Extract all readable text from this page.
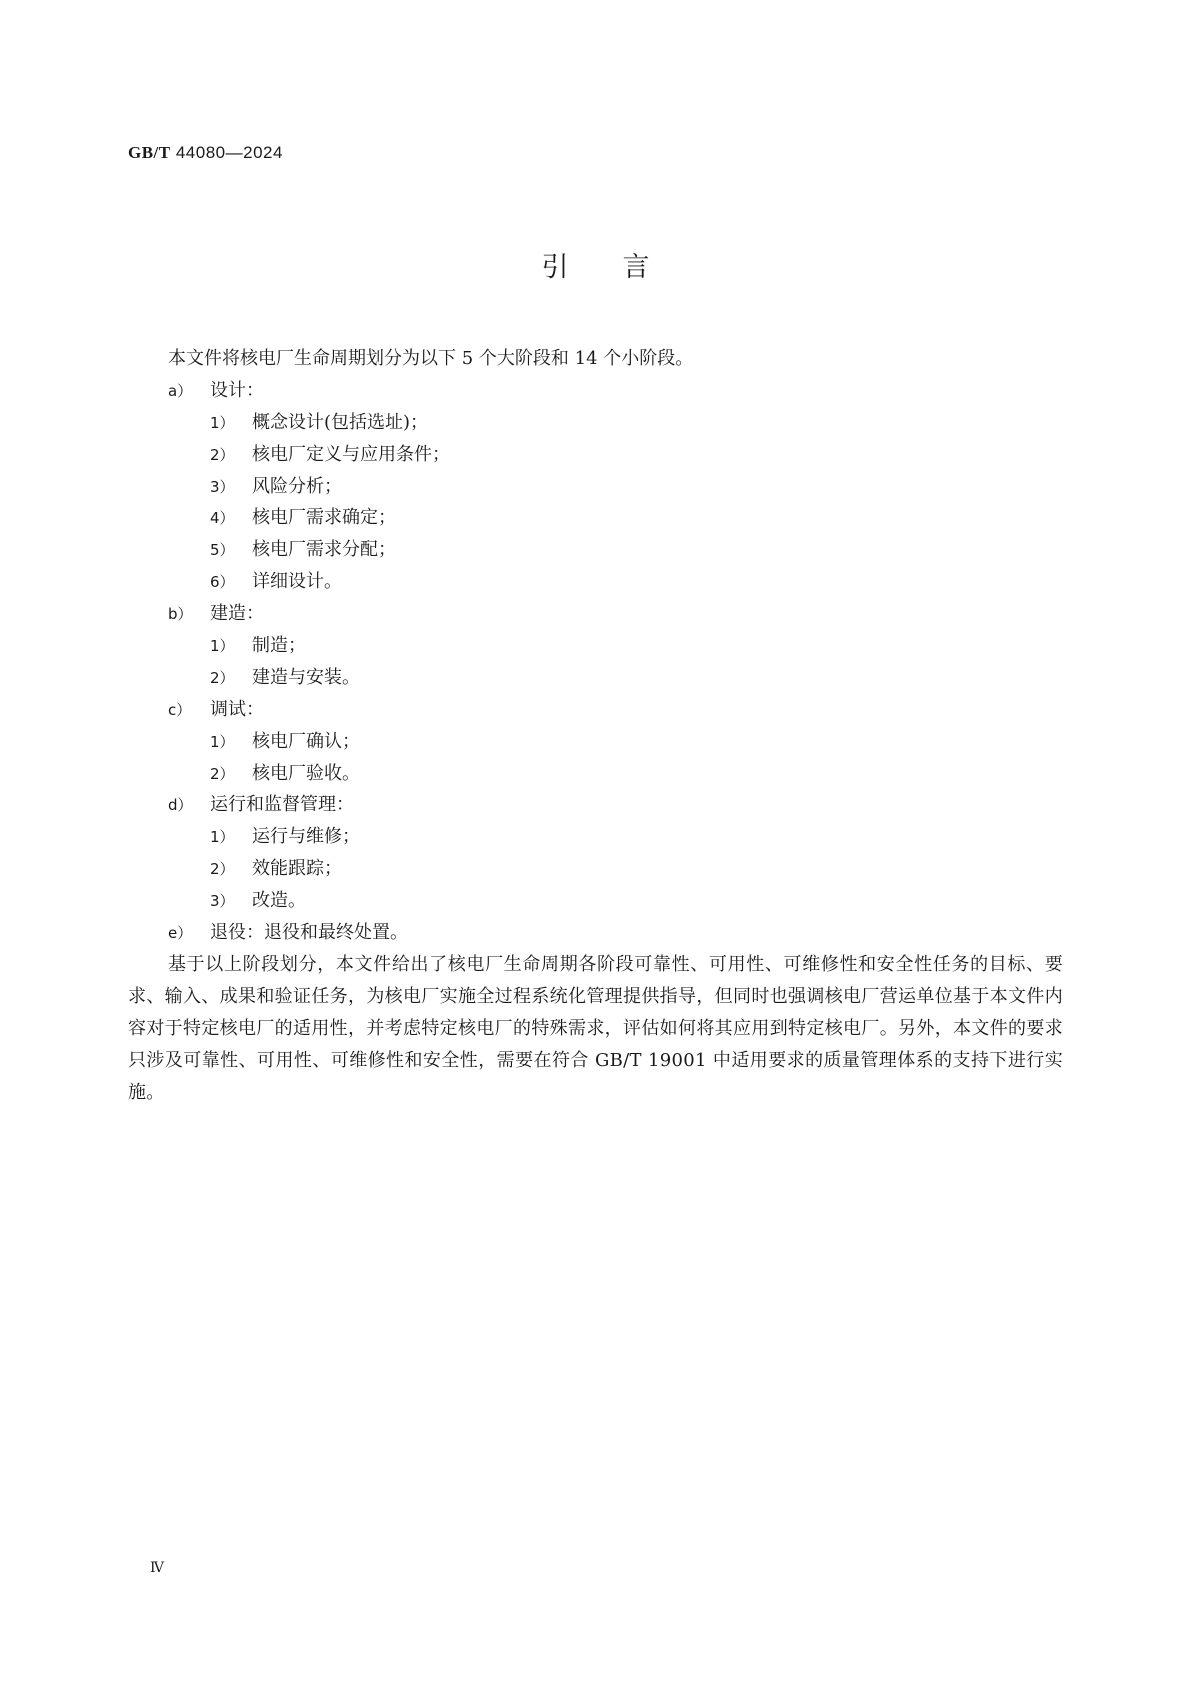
GB/T 44080—2024
引言
本文件将核电厂生命周期划分为以下 5 个大阶段和 14 个小阶段。
a） 设计：
1） 概念设计(包括选址)；
2） 核电厂定义与应用条件；
3） 风险分析；
4） 核电厂需求确定；
5） 核电厂需求分配；
6） 详细设计。
b） 建造：
1） 制造；
2） 建造与安装。
c） 调试：
1） 核电厂确认；
2） 核电厂验收。
d） 运行和监督管理：
1） 运行与维修；
2） 效能跟踪；
3） 改造。
e） 退役：退役和最终处置。
基于以上阶段划分，本文件给出了核电厂生命周期各阶段可靠性、可用性、可维修性和安全性任务的目标、要求、输入、成果和验证任务，为核电厂实施全过程系统化管理提供指导，但同时也强调核电厂营运单位基于本文件内容对于特定核电厂的适用性，并考虑特定核电厂的特殊需求，评估如何将其应用到特定核电厂。另外，本文件的要求只涉及可靠性、可用性、可维修性和安全性，需要在符合 GB/T 19001 中适用要求的质量管理体系的支持下进行实施。
Ⅳ
